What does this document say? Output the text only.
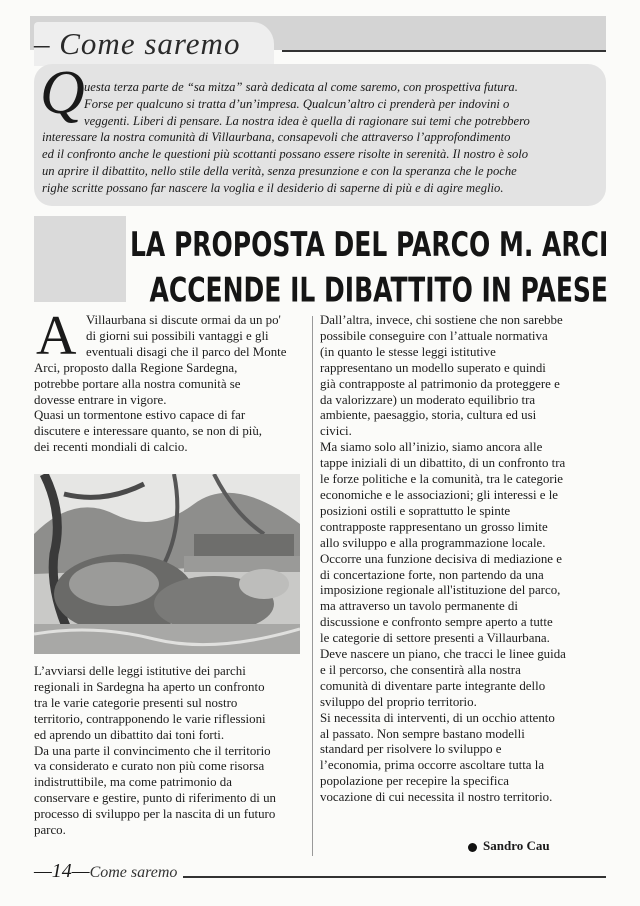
– Come saremo
Q uesta terza parte de “sa mitza” sarà dedicata al come saremo, con prospettiva futura.
Forse per qualcuno si tratta d’un’impresa. Qualcun’altro ci prenderà per indovini o
veggenti. Liberi di pensare. La nostra idea è quella di ragionare sui temi che potrebbero
interessare la nostra comunità di Villaurbana, consapevoli che attraverso l’approfondimento
ed il confronto anche le questioni più scottanti possano essere risolte in serenità. Il nostro è solo
un aprire il dibattito, nello stile della verità, senza presunzione e con la speranza che le poche
righe scritte possano far nascere la voglia e il desiderio di saperne di più e di agire meglio.
LA PROPOSTA DEL PARCO M. ARCI
ACCENDE IL DIBATTITO IN PAESE
A Villaurbana si discute ormai da un po'
di giorni sui possibili vantaggi e gli
eventuali disagi che il parco del Monte
Arci, proposto dalla Regione Sardegna,
potrebbe portare alla nostra comunità se
dovesse entrare in vigore.
Quasi un tormentone estivo capace di far
discutere e interessare quanto, se non di più,
dei recenti mondiali di calcio.
L’avviarsi delle leggi istitutive dei parchi
regionali in Sardegna ha aperto un confronto
tra le varie categorie presenti sul nostro
territorio, contrapponendo le varie riflessioni
ed aprendo un dibattito dai toni forti.
Da una parte il convincimento che il territorio
va considerato e curato non più come risorsa
indistruttibile, ma come patrimonio da
conservare e gestire, punto di riferimento di un
processo di sviluppo per la nascita di un futuro
parco.
Dall’altra, invece, chi sostiene che non sarebbe
possibile conseguire con l’attuale normativa
(in quanto le stesse leggi istitutive
rappresentano un modello superato e quindi
già contrapposte al patrimonio da proteggere e
da valorizzare) un moderato equilibrio tra
ambiente, paesaggio, storia, cultura ed usi
civici.
Ma siamo solo all’inizio, siamo ancora alle
tappe iniziali di un dibattito, di un confronto tra
le forze politiche e la comunità, tra le categorie
economiche e le associazioni; gli interessi e le
posizioni ostili e soprattutto le spinte
contrapposte rappresentano un grosso limite
allo sviluppo e alla programmazione locale.
Occorre una funzione decisiva di mediazione e
di concertazione forte, non partendo da una
imposizione regionale all'istituzione del parco,
ma attraverso un tavolo permanente di
discussione e confronto sempre aperto a tutte
le categorie di settore presenti a Villaurbana.
Deve nascere un piano, che tracci le linee guida
e il percorso, che consentirà alla nostra
comunità di diventare parte integrante dello
sviluppo del proprio territorio.
Si necessita di interventi, di un occhio attento
al passato. Non sempre bastano modelli
standard per risolvere lo sviluppo e
l’economia, prima occorre ascoltare tutta la
popolazione per recepire la specifica
vocazione di cui necessita il nostro territorio.
Sandro Cau
—14—Come saremo
